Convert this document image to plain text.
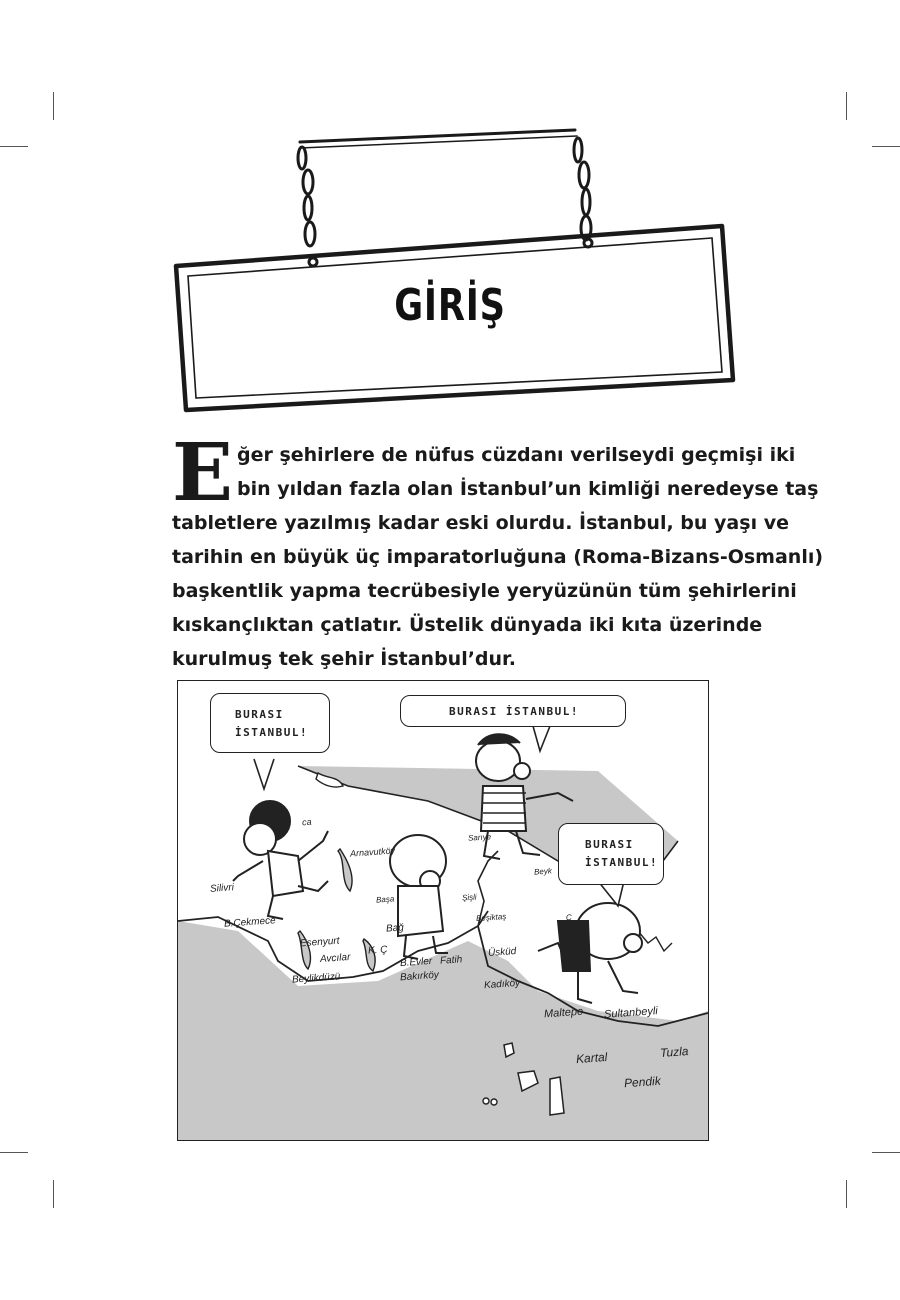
GİRİŞ
E ğer şehirlere de nüfus cüzdanı verilseydi geçmişi iki
bin yıldan fazla olan İstanbul’un kimliği neredeyse taş
tabletlere yazılmış kadar eski olurdu. İstanbul, bu yaşı ve
tarihin en büyük üç imparatorluğuna (Roma-Bizans-Osmanlı)
başkentlik yapma tecrübesiyle yeryüzünün tüm şehirlerini
kıskançlıktan çatlatır. Üstelik dünyada iki kıta üzerinde
kurulmuş tek şehir İstanbul’dur.
BURASI
İSTANBUL!
BURASI İSTANBUL!
BURASI
İSTANBUL!
Silivri
B.Çekmece
Esenyurt
Avcılar
Beylikdüzü
Arnavutköy
ca
Başa
Bağ
K. Ç
B.Evler
Bakırköy
Fatih
Şişli
Beşiktaş
Sarıye
Beyk
Üsküd
Kadıköy
Ç
Maltepe Sultanbeyli
Kartal	Tuzla
Pendik
